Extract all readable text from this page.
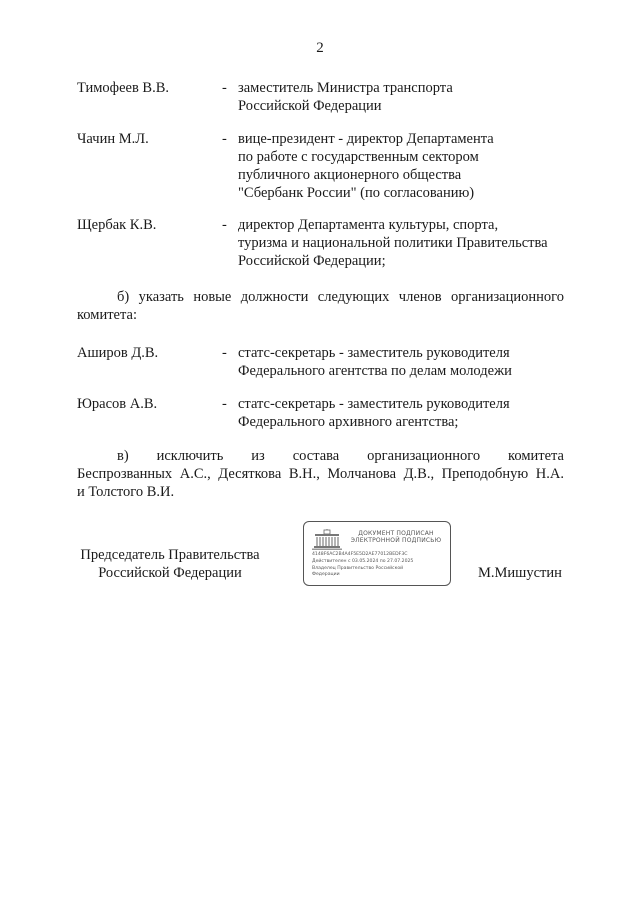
2
Тимофеев В.В.	- заместитель Министра транспорта
Российской Федерации
Чачин М.Л.	- вице-президент - директор Департамента
по работе с государственным сектором
публичного акционерного общества
"Сбербанк России" (по согласованию)
Щербак К.В.	- директор Департамента культуры, спорта,
туризма и национальной политики Правительства
Российской Федерации;
б) указать новые должности следующих членов организационного
комитета:
Аширов Д.В.	- статс-секретарь - заместитель руководителя
Федерального агентства по делам молодежи
Юрасов А.В.	- статс-секретарь - заместитель руководителя
Федерального архивного агентства;
в) исключить из состава организационного комитета
Беспрозванных А.С., Десяткова В.Н., Молчанова Д.В., Преподобную Н.А.
и Толстого В.И.
Председатель Правительства
Российской Федерации
ДОКУМЕНТ ПОДПИСАН
ЭЛЕКТРОННОЙ ПОДПИСЬЮ
4148F6AC2B4A4F5E5D2AE77012BEDF3C
Действителен с 03.05.2024 по 27.07.2025
Владелец Правительство Российской
Федерации	М.Мишустин
